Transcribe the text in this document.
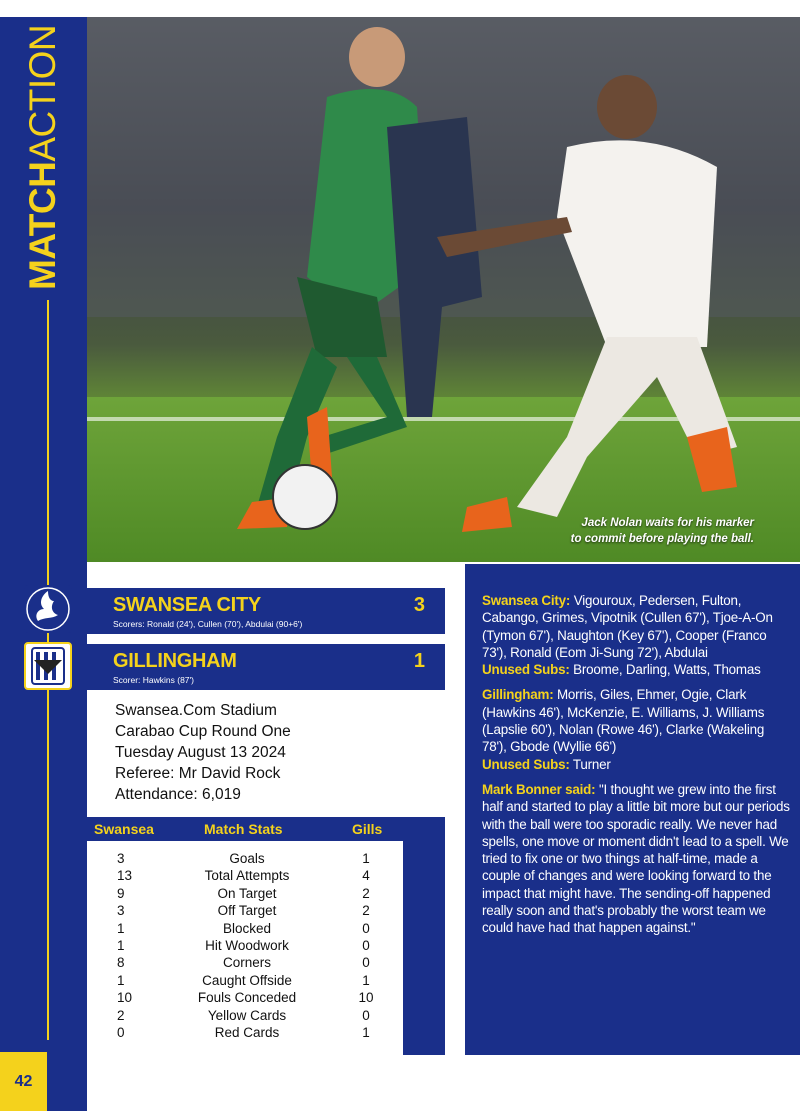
MATCHACTION
42
Jack Nolan waits for his marker
to commit before playing the ball.
SWANSEA CITY	3
Scorers: Ronald (24'), Cullen (70'), Abdulai (90+6')
GILLINGHAM	1
Scorer: Hawkins (87')
Swansea.Com Stadium
Carabao Cup Round One
Tuesday August 13 2024
Referee: Mr David Rock
Attendance: 6,019
Swansea	Match Stats	Gills
3	Goals	1
13	Total Attempts	4
9	On Target	2
3	Off Target	2
1	Blocked	0
1	Hit Woodwork	0
8	Corners	0
1	Caught Offside	1
10	Fouls Conceded	10
2	Yellow Cards	0
0	Red Cards	1

Swansea City: Vigouroux, Pedersen, Fulton, Cabango, Grimes, Vipotnik (Cullen 67'), Tjoe-A-On (Tymon 67'), Naughton (Key 67'), Cooper (Franco 73'), Ronald (Eom Ji-Sung 72'), Abdulai
Unused Subs: Broome, Darling, Watts, Thomas

Gillingham: Morris, Giles, Ehmer, Ogie, Clark (Hawkins 46'), McKenzie, E. Williams, J. Williams (Lapslie 60'), Nolan (Rowe 46'), Clarke (Wakeling 78'), Gbode (Wyllie 66')
Unused Subs: Turner

Mark Bonner said: "I thought we grew into the first half and started to play a little bit more but our periods with the ball were too sporadic really. We never had spells, one move or moment didn't lead to a spell. We tried to fix one or two things at half-time, made a couple of changes and were looking forward to the impact that might have. The sending-off happened really soon and that's probably the worst team we could have had that happen against."
